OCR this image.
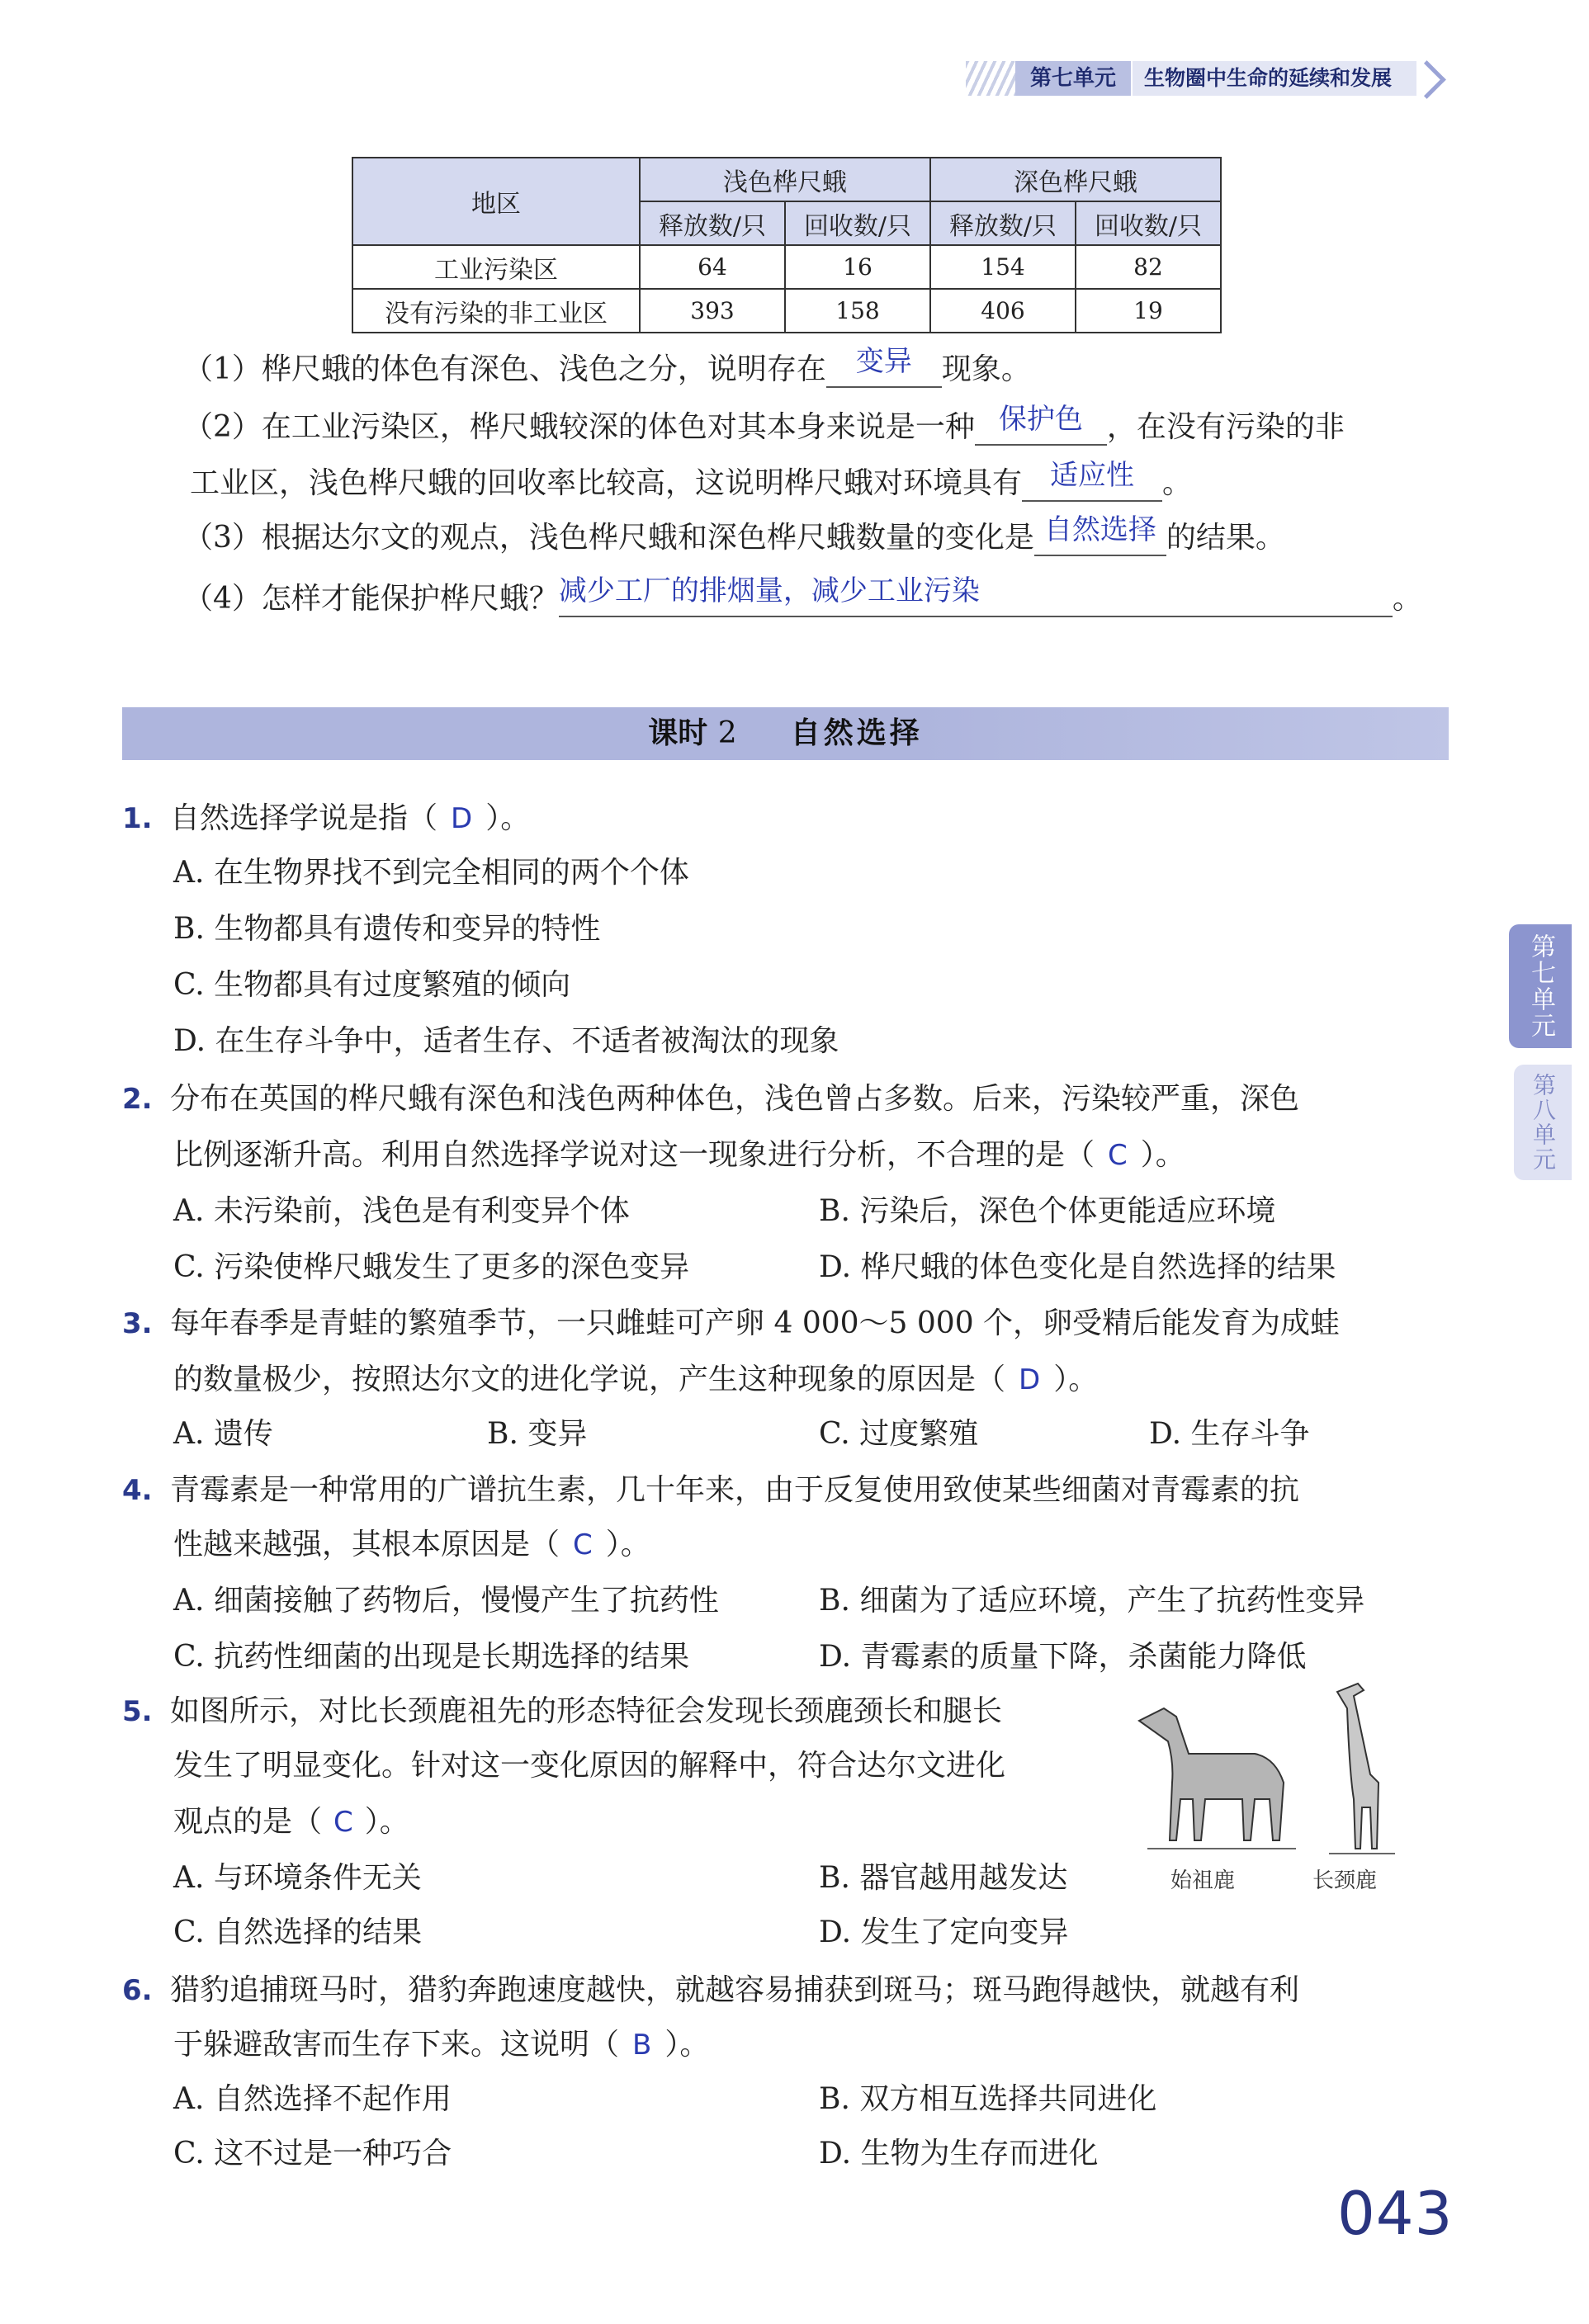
第七单元	生物圈中生命的延续和发展
地区	浅色桦尺蛾		深色桦尺蛾	
	释放数/只	回收数/只	释放数/只	回收数/只
工业污染区	64	16	154	82
没有污染的非工业区	393	158	406	19
（1）桦尺蛾的体色有深色、浅色之分，说明存在 变异 现象。
（2）在工业污染区，桦尺蛾较深的体色对其本身来说是一种 保护色 ，在没有污染的非
工业区，浅色桦尺蛾的回收率比较高，这说明桦尺蛾对环境具有 适应性 。
（3）根据达尔文的观点，浅色桦尺蛾和深色桦尺蛾数量的变化是 自然选择 的结果。
（4）怎样才能保护桦尺蛾？减少工厂的排烟量，减少工业污染	。
课时 2 自然选择
1. 自然选择学说是指（ D ）。
A. 在生物界找不到完全相同的两个个体
B. 生物都具有遗传和变异的特性
C. 生物都具有过度繁殖的倾向
D. 在生存斗争中，适者生存、不适者被淘汰的现象
2. 分布在英国的桦尺蛾有深色和浅色两种体色，浅色曾占多数。后来，污染较严重，深色
比例逐渐升高。利用自然选择学说对这一现象进行分析，不合理的是（ C ）。
A. 未污染前，浅色是有利变异个体	B. 污染后，深色个体更能适应环境
C. 污染使桦尺蛾发生了更多的深色变异	D. 桦尺蛾的体色变化是自然选择的结果
3. 每年春季是青蛙的繁殖季节，一只雌蛙可产卵 4 000～5 000 个，卵受精后能发育为成蛙
的数量极少，按照达尔文的进化学说，产生这种现象的原因是（ D ）。
A. 遗传	B. 变异	C. 过度繁殖	D. 生存斗争
4. 青霉素是一种常用的广谱抗生素，几十年来，由于反复使用致使某些细菌对青霉素的抗
性越来越强，其根本原因是（ C ）。
A. 细菌接触了药物后，慢慢产生了抗药性	B. 细菌为了适应环境，产生了抗药性变异
C. 抗药性细菌的出现是长期选择的结果	D. 青霉素的质量下降，杀菌能力降低
5. 如图所示，对比长颈鹿祖先的形态特征会发现长颈鹿颈长和腿长
发生了明显变化。针对这一变化原因的解释中，符合达尔文进化
观点的是（ C ）。
A. 与环境条件无关	B. 器官越用越发达
C. 自然选择的结果	D. 发生了定向变异
始祖鹿	长颈鹿
6. 猎豹追捕斑马时，猎豹奔跑速度越快，就越容易捕获到斑马；斑马跑得越快，就越有利
于躲避敌害而生存下来。这说明（ B ）。
A. 自然选择不起作用	B. 双方相互选择共同进化
C. 这不过是一种巧合	D. 生物为生存而进化
第七单元
第八单元
043
